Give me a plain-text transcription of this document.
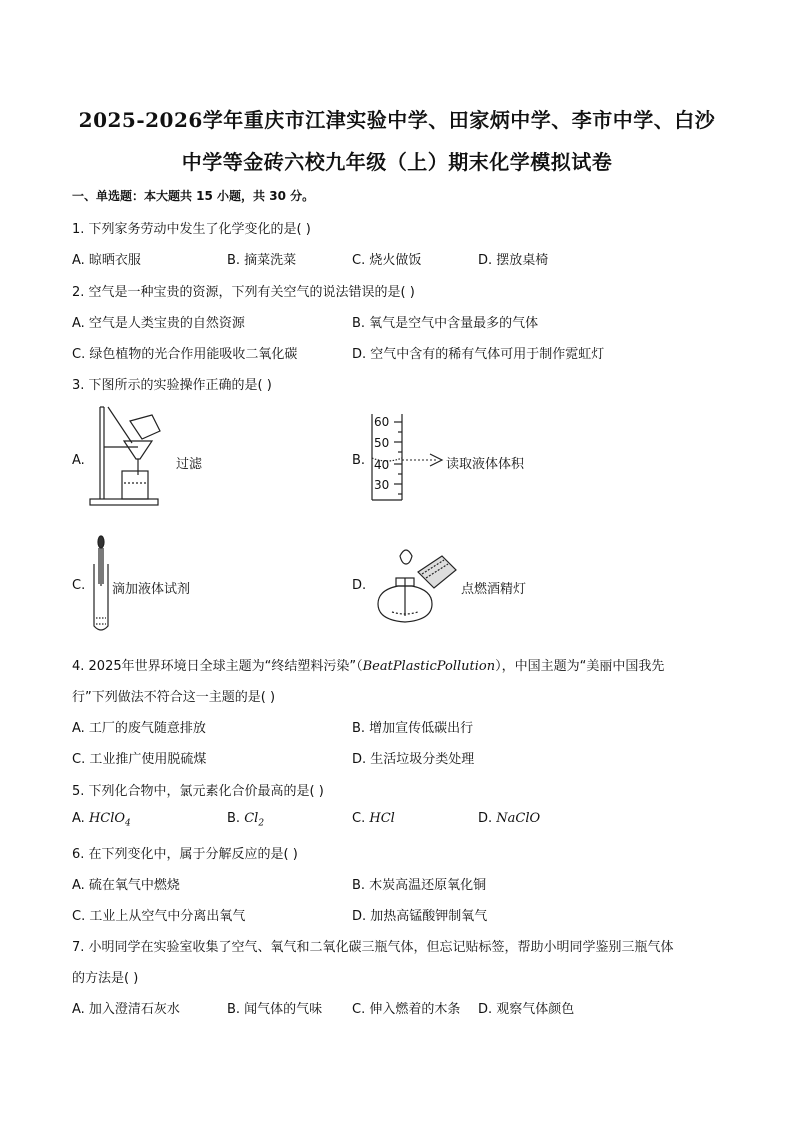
2025-2026学年重庆市江津实验中学、田家炳中学、李市中学、白沙
中学等金砖六校九年级（上）期末化学模拟试卷
一、单选题：本大题共 15 小题，共 30 分。
1. 下列家务劳动中发生了化学变化的是( )
A. 晾晒衣服	B. 摘菜洗菜	C. 烧火做饭	D. 摆放桌椅
2. 空气是一种宝贵的资源，下列有关空气的说法错误的是( )
A. 空气是人类宝贵的自然资源	B. 氧气是空气中含量最多的气体
C. 绿色植物的光合作用能吸收二氧化碳	D. 空气中含有的稀有气体可用于制作霓虹灯
3. 下图所示的实验操作正确的是( )
A.	过滤	B.
60
50
40
30
读取液体体积
C. 滴加液体试剂	D.	点燃酒精灯
4. 2025年世界环境日全球主题为“终结塑料污染”（BeatPlasticPollution），中国主题为“美丽中国我先
行”下列做法不符合这一主题的是( )
A. 工厂的废气随意排放	B. 增加宣传低碳出行
C. 工业推广使用脱硫煤	D. 生活垃圾分类处理
5. 下列化合物中，氯元素化合价最高的是( )
A. HClO$_4$	B. $Cl_2$	C. HCl	D. NaClO
6. 在下列变化中，属于分解反应的是( )
A. 硫在氧气中燃烧	B. 木炭高温还原氧化铜
C. 工业上从空气中分离出氧气	D. 加热高锰酸钾制氧气
7. 小明同学在实验室收集了空气、氧气和二氧化碳三瓶气体，但忘记贴标签，帮助小明同学鉴别三瓶气体
的方法是( )
A. 加入澄清石灰水	B. 闻气体的气味 C. 伸入燃着的木条 D. 观察气体颜色
